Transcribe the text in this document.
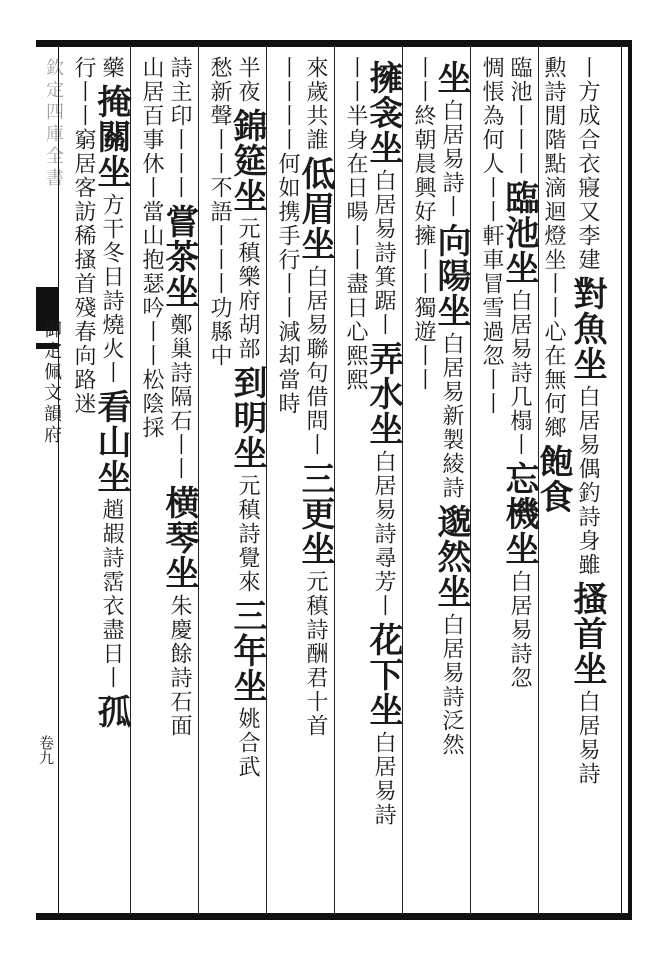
欽定四庫全書
御定佩文韻府
卷九
丨方成合衣寢又李建對魚坐白居易偶釣詩身雖搔首坐白居易詩
勲詩閒階點滴迴燈坐丨丨心在無何鄉飽食
臨池丨丨丨臨池坐白居易詩几榻丨忘機坐白居易詩忽
惆悵為何人丨丨軒車冒雪過忽丨丨
坐白居易詩丨向陽坐白居易新製綾詩邈然坐白居易詩泛然
丨丨終朝晨興好擁丨丨獨遊丨丨
擁衾坐白居易詩箕踞丨弄水坐白居易詩尋芳丨花下坐白居易詩
丨丨半身在日暘丨丨盡日心熙熙
來歲共誰低眉坐白居易聯句借問丨三更坐元稹詩酬君十首
丨丨丨丨何如携手行丨丨減却當時
半夜錦筵坐元稹樂府胡部到明坐元稹詩覺來三年坐姚合武
愁新聲丨丨不語丨丨丨功縣中
詩主印丨丨丨嘗茶坐鄭巢詩隔石丨丨横琴坐朱慶餘詩石面
山居百事休丨當山抱瑟吟丨丨松陰採
藥掩關坐方干冬日詩燒火丨看山坐趙嘏詩霑衣盡日丨孤
行丨丨窮居客訪稀搔首殘春向路迷
